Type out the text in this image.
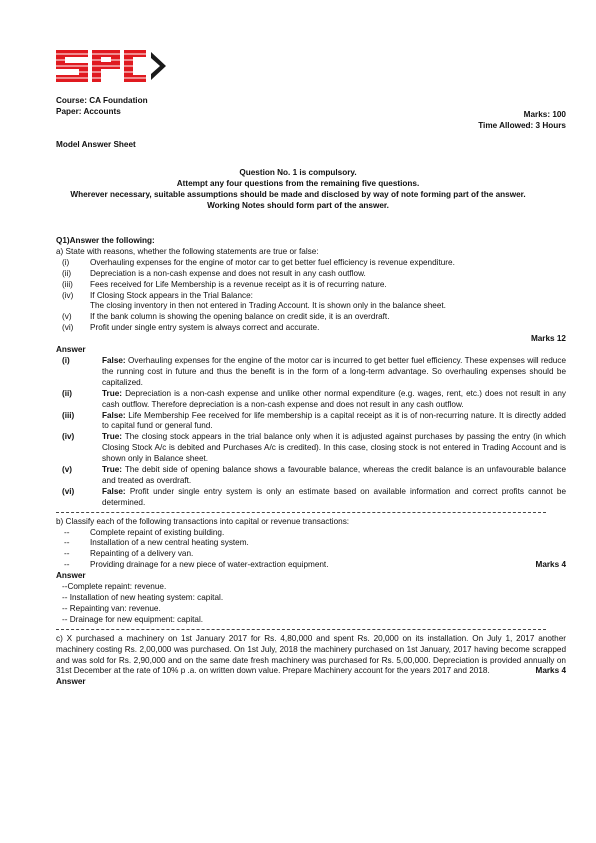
Course: CA Foundation
Paper: Accounts	Marks: 100
Time Allowed: 3 Hours
Model Answer Sheet
Question No. 1 is compulsory.
Attempt any four questions from the remaining five questions.
Wherever necessary, suitable assumptions should be made and disclosed by way of note forming part of the answer.
Working Notes should form part of the answer.
Q1)Answer the following:
a) State with reasons, whether the following statements are true or false:
(i)	Overhauling expenses for the engine of motor car to get better fuel efficiency is revenue expenditure.
(ii)	Depreciation is a non-cash expense and does not result in any cash outflow.
(iii)	Fees received for Life Membership is a revenue receipt as it is of recurring nature.
(iv)	If Closing Stock appears in the Trial Balance:
The closing inventory in then not entered in Trading Account. It is shown only in the balance sheet.
(v)	If the bank column is showing the opening balance on credit side, it is an overdraft.
(vi)	Profit under single entry system is always correct and accurate.
Marks 12
Answer
(i)	False: Overhauling expenses for the engine of the motor car is incurred to get better fuel efficiency. These expenses will reduce the running cost in future and thus the benefit is in the form of a long-term advantage. So overhauling expenses should be capitalized.
(ii)	True: Depreciation is a non-cash expense and unlike other normal expenditure (e.g. wages, rent, etc.) does not result in any cash outflow. Therefore depreciation is a non-cash expense and does not result in any cash outflow.
(iii)	False: Life Membership Fee received for life membership is a capital receipt as it is of non-recurring nature. It is directly added to capital fund or general fund.
(iv)	True: The closing stock appears in the trial balance only when it is adjusted against purchases by passing the entry (in which Closing Stock A/c is debited and Purchases A/c is credited). In this case, closing stock is not entered in Trading Account and is shown only in Balance sheet.
(v)	True: The debit side of opening balance shows a favourable balance, whereas the credit balance is an unfavourable balance and treated as overdraft.
(vi)	False: Profit under single entry system is only an estimate based on available information and correct profits cannot be determined.
b) Classify each of the following transactions into capital or revenue transactions:
--	Complete repaint of existing building.
--	Installation of a new central heating system.
--	Repainting of a delivery van.
--	Providing drainage for a new piece of water-extraction equipment.	Marks 4
Answer
--Complete repaint: revenue.
-- Installation of new heating system: capital.
-- Repainting van: revenue.
-- Drainage for new equipment: capital.
c) X purchased a machinery on 1st January 2017 for Rs. 4,80,000 and spent Rs. 20,000 on its installation. On July 1, 2017 another machinery costing Rs. 2,00,000 was purchased. On 1st July, 2018 the machinery purchased on 1st January, 2017 having become scrapped and was sold for Rs. 2,90,000 and on the same date fresh machinery was purchased for Rs. 5,00,000. Depreciation is provided annually on 31st December at the rate of 10% p .a. on written down value. Prepare Machinery account for the years 2017 and 2018.	Marks 4
Answer
